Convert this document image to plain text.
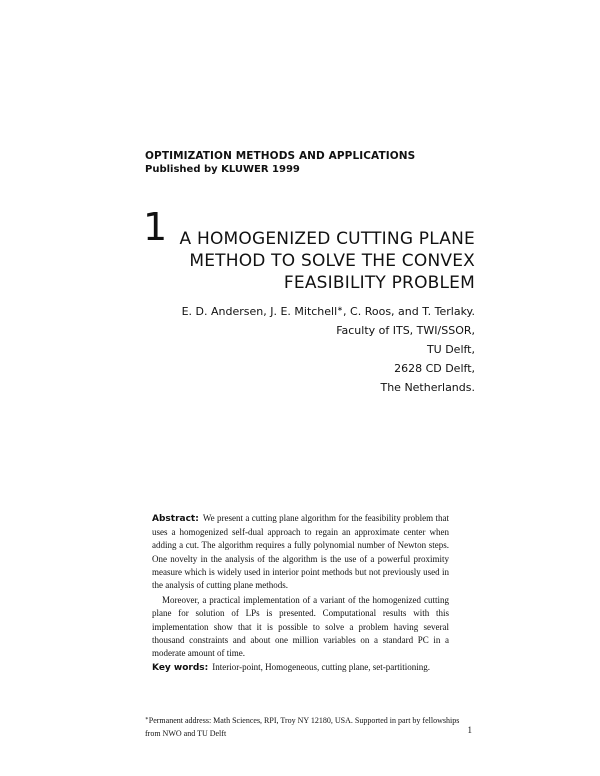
OPTIMIZATION METHODS AND APPLICATIONS
Published by KLUWER 1999
1 A HOMOGENIZED CUTTING PLANE
METHOD TO SOLVE THE CONVEX
FEASIBILITY PROBLEM
E. D. Andersen, J. E. Mitchell∗, C. Roos, and T. Terlaky.
Faculty of ITS, TWI/SSOR,
TU Delft,
2628 CD Delft,
The Netherlands.

Abstract: We present a cutting plane algorithm for the feasibility problem that uses a homogenized self-dual approach to regain an approximate center when adding a cut. The algorithm requires a fully polynomial number of Newton steps. One novelty in the analysis of the algorithm is the use of a powerful proximity measure which is widely used in interior point methods but not previously used in the analysis of cutting plane methods.

Moreover, a practical implementation of a variant of the homogenized cutting plane for solution of LPs is presented. Computational results with this implementation show that it is possible to solve a problem having several thousand constraints and about one million variables on a standard PC in a moderate amount of time.

Key words: Interior-point, Homogeneous, cutting plane, set-partitioning.

∗Permanent address: Math Sciences, RPI, Troy NY 12180, USA. Supported in part by fellowships from NWO and TU Delft	1
